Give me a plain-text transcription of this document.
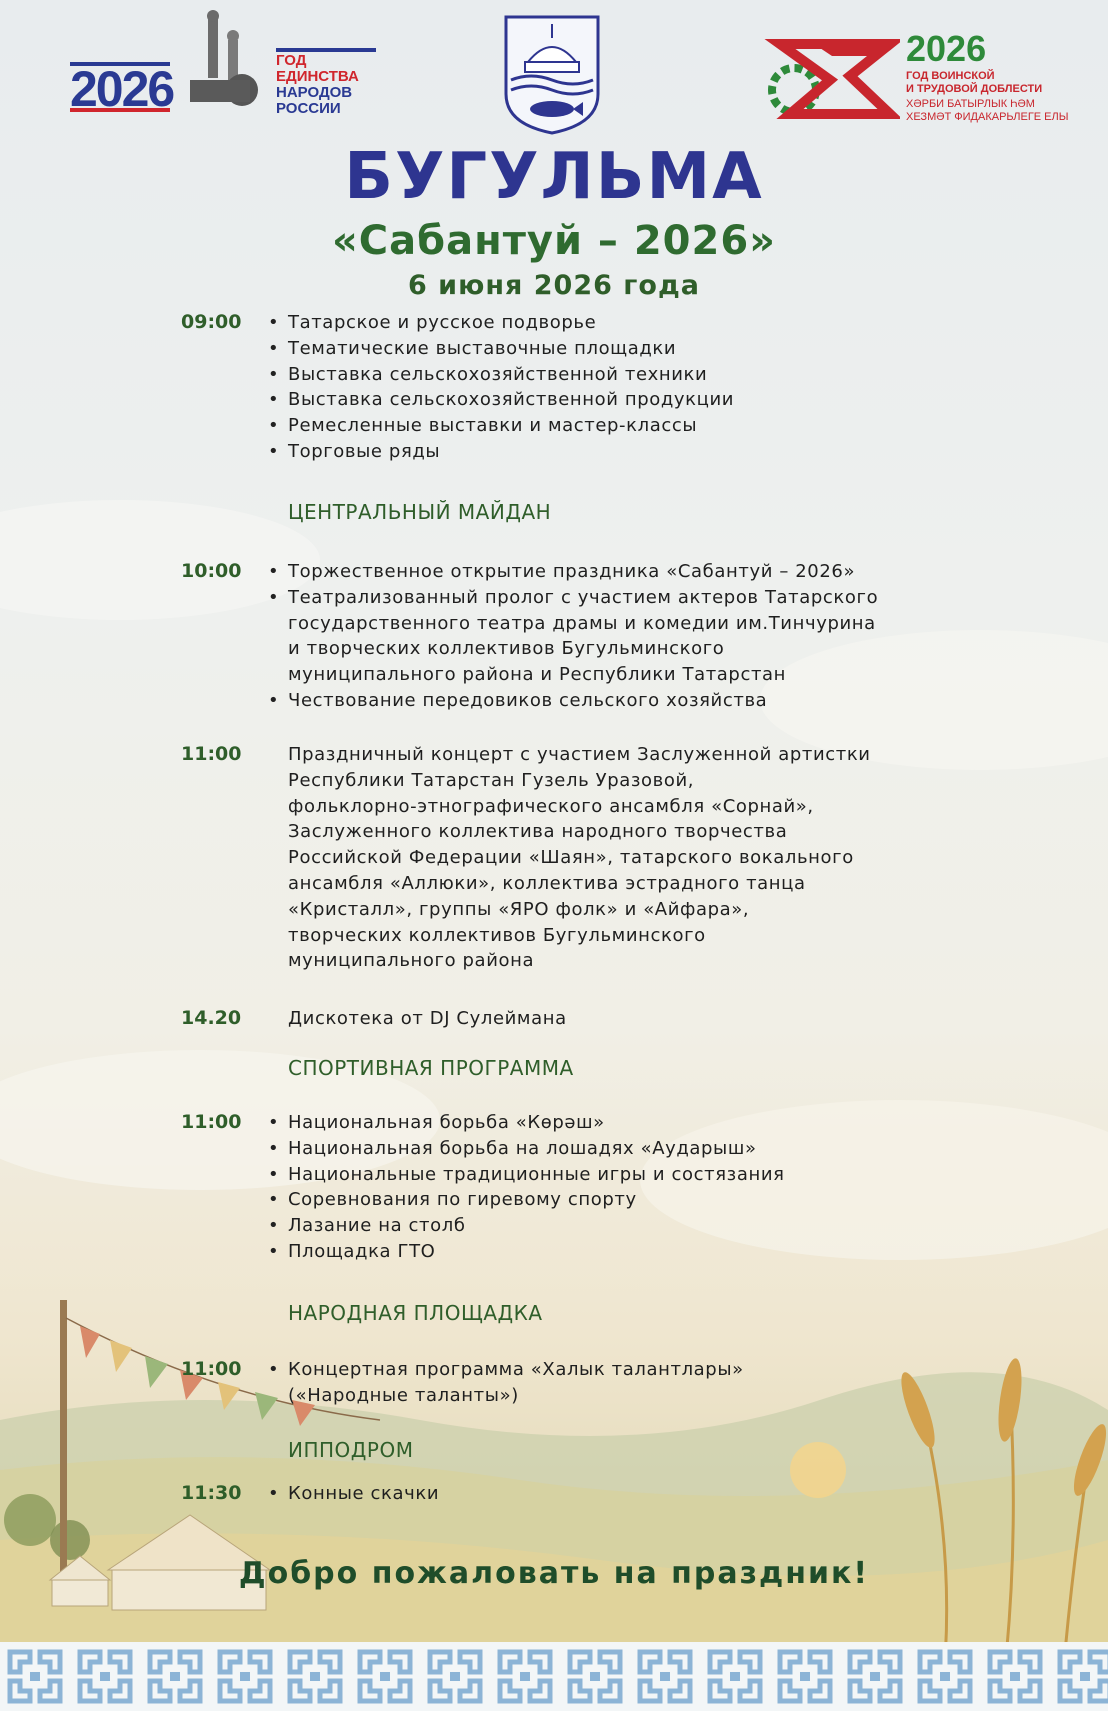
2026
ГОД
ЕДИНСТВА
НАРОДОВ
РОССИИ
2026
ГОД ВОИНСКОЙ
И ТРУДОВОЙ ДОБЛЕСТИ
ХӘРБИ БАТЫРЛЫК ҺӘМ
ХЕЗМӘТ ФИДАКАРЬЛЕГЕ ЕЛЫ
БУГУЛЬМА
«Сабантуй – 2026»
6 июня 2026 года
09:00	• Татарское и русское подворье
• Тематические выставочные площадки
• Выставка сельскохозяйственной техники
• Выставка сельскохозяйственной продукции
• Ремесленные выставки и мастер-классы
• Торговые ряды
ЦЕНТРАЛЬНЫЙ МАЙДАН
10:00	• Торжественное открытие праздника «Сабантуй – 2026»
• Театрализованный пролог с участием актеров Татарского
государственного театра драмы и комедии им.Тинчурина
и творческих коллективов Бугульминского
муниципального района и Республики Татарстан
• Чествование передовиков сельского хозяйства
11:00	Праздничный концерт с участием Заслуженной артистки
Республики Татарстан Гузель Уразовой,
фольклорно-этнографического ансамбля «Сорнай»,
Заслуженного коллектива народного творчества
Российской Федерации «Шаян», татарского вокального
ансамбля «Аллюки», коллектива эстрадного танца
«Кристалл», группы «ЯРО фолк» и «Айфара»,
творческих коллективов Бугульминского
муниципального района
14.20	Дискотека от DJ Сулеймана
СПОРТИВНАЯ ПРОГРАММА
11:00	• Национальная борьба «Көрәш»
• Национальная борьба на лошадях «Аударыш»
• Национальные традиционные игры и состязания
• Соревнования по гиревому спорту
• Лазание на столб
• Площадка ГТО
НАРОДНАЯ ПЛОЩАДКА
11:00	• Концертная программа «Халык талантлары»
(«Народные таланты»)
ИППОДРОМ
11:30	• Конные скачки
Добро пожаловать на праздник!
